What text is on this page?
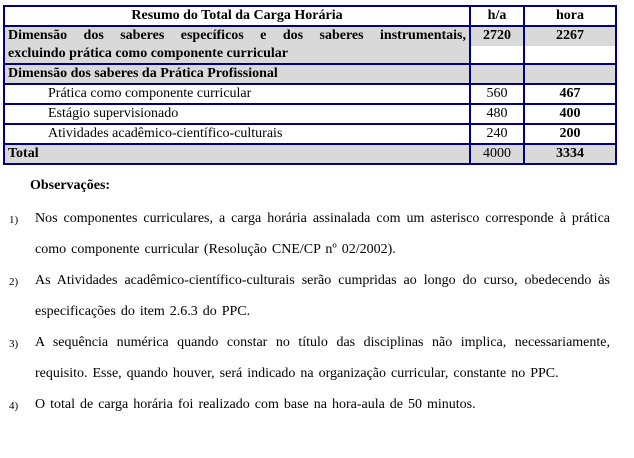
Resumo do Total da Carga Horária	h/a	hora

Dimensão dos saberes específicos e dos saberes instrumentais,
excluindo prática como componente curricular	2720	2267
Dimensão dos saberes da Prática Profissional		
Prática como componente curricular	560	467
Estágio supervisionado	480	400
Atividades acadêmico-científico-culturais	240	200
Total	4000	3334
Observações:
1) Nos componentes curriculares, a carga horária assinalada com um asterisco corresponde à prática como componente curricular (Resolução CNE/CP nº 02/2002).
2) As Atividades acadêmico-científico-culturais serão cumpridas ao longo do curso, obedecendo às especificações do item 2.6.3 do PPC.
3) A sequência numérica quando constar no título das disciplinas não implica, necessariamente, requisito. Esse, quando houver, será indicado na organização curricular, constante no PPC.
4) O total de carga horária foi realizado com base na hora-aula de 50 minutos.
